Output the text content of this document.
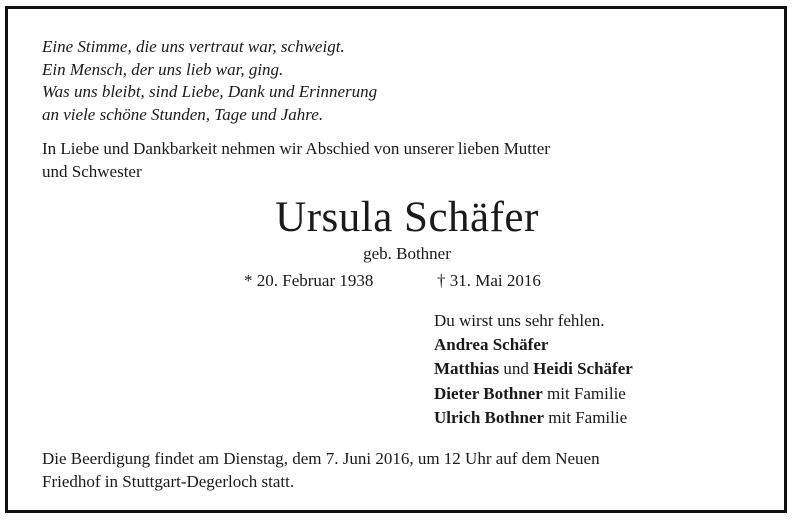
Eine Stimme, die uns vertraut war, schweigt.
Ein Mensch, der uns lieb war, ging.
Was uns bleibt, sind Liebe, Dank und Erinnerung
an viele schöne Stunden, Tage und Jahre.
In Liebe und Dankbarkeit nehmen wir Abschied von unserer lieben Mutter
und Schwester
Ursula Schäfer
geb. Bothner
* 20. Februar 1938	† 31. Mai 2016
Du wirst uns sehr fehlen.
Andrea Schäfer
Matthias und Heidi Schäfer
Dieter Bothner mit Familie
Ulrich Bothner mit Familie
Die Beerdigung findet am Dienstag, dem 7. Juni 2016, um 12 Uhr auf dem Neuen
Friedhof in Stuttgart-Degerloch statt.
